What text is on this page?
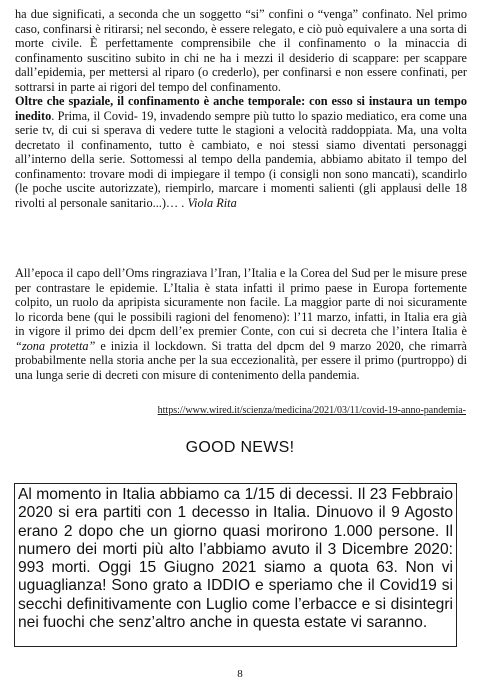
ha due significati, a seconda che un soggetto “si” confini o “venga” confinato. Nel primo caso, confinarsi è ritirarsi; nel secondo, è essere relegato, e ciò può equivalere a una sorta di morte civile. È perfettamente comprensibile che il confinamento o la minaccia di confinamento suscitino subito in chi ne ha i mezzi il desiderio di scappare: per scappare dall’epidemia, per mettersi al riparo (o crederlo), per confinarsi e non essere confinati, per sottrarsi in parte ai rigori del tempo del confinamento.
Oltre che spaziale, il confinamento è anche temporale: con esso si instaura un tempo inedito. Prima, il Covid- 19, invadendo sempre più tutto lo spazio mediatico, era come una serie tv, di cui si sperava di vedere tutte le stagioni a velocità raddoppiata. Ma, una volta decretato il confinamento, tutto è cambiato, e noi stessi siamo diventati personaggi all’interno della serie. Sottomessi al tempo della pandemia, abbiamo abitato il tempo del confinamento: trovare modi di impiegare il tempo (i consigli non sono mancati), scandirlo (le poche uscite autorizzate), riempirlo, marcare i momenti salienti (gli applausi delle 18 rivolti al personale sanitario...)… . Viola Rita

All’epoca il capo dell’Oms ringraziava l’Iran, l’Italia e la Corea del Sud per le misure prese per contrastare le epidemie. L’Italia è stata infatti il primo paese in Europa fortemente colpito, un ruolo da apripista sicuramente non facile. La maggior parte di noi sicuramente lo ricorda bene (qui le possibili ragioni del fenomeno): l’11 marzo, infatti, in Italia era già in vigore il primo dei dpcm dell’ex premier Conte, con cui si decreta che l’intera Italia è “zona protetta” e inizia il lockdown. Si tratta del dpcm del 9 marzo 2020, che rimarrà probabilmente nella storia anche per la sua eccezionalità, per essere il primo (purtroppo) di una lunga serie di decreti con misure di contenimento della pandemia.

https://www.wired.it/scienza/medicina/2021/03/11/covid-19-anno-pandemia-
GOOD NEWS!
Al momento in Italia abbiamo ca 1/15 di decessi. Il 23 Febbraio 2020 si era partiti con 1 decesso in Italia. Dinuovo il 9 Agosto erano 2 dopo che un giorno quasi morirono 1.000 persone. Il numero dei morti più alto l’abbiamo avuto il 3 Dicembre 2020: 993 morti. Oggi 15 Giugno 2021 siamo a quota 63. Non vi uguaglianza! Sono grato a IDDIO e speriamo che il Covid19 si secchi definitivamente con Luglio come l’erbacce e si disintegri nei fuochi che senz’altro anche in questa estate vi saranno.
8
